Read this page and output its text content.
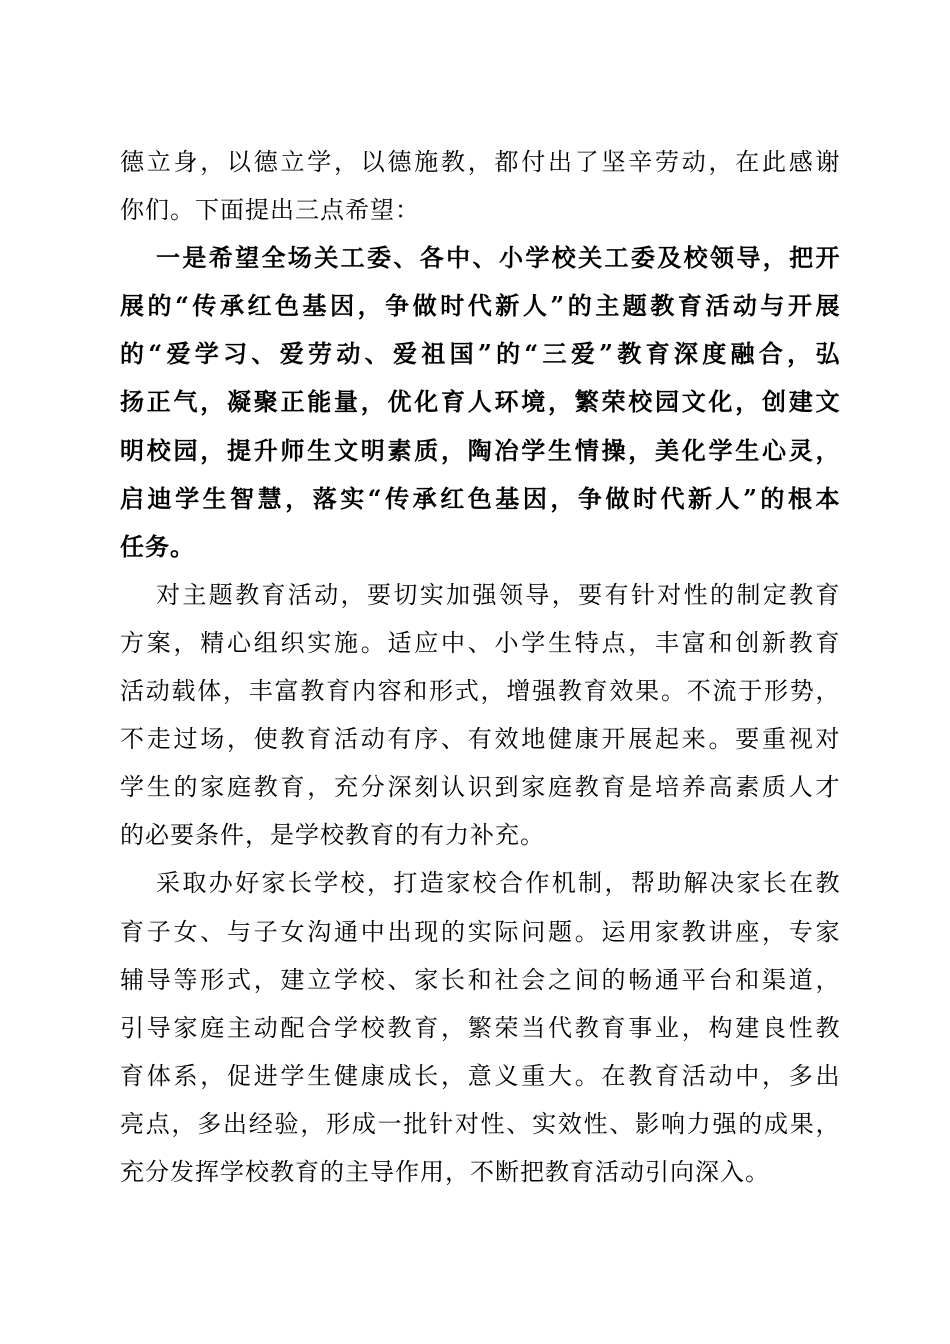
德立身，以德立学，以德施教，都付出了坚辛劳动，在此感谢
你们。下面提出三点希望：
一是希望全场关工委、各中、小学校关工委及校领导，把开
展的“传承红色基因，争做时代新人”的主题教育活动与开展
的“爱学习、爱劳动、爱祖国”的“三爱”教育深度融合，弘
扬正气，凝聚正能量，优化育人环境，繁荣校园文化，创建文
明校园，提升师生文明素质，陶冶学生情操，美化学生心灵，
启迪学生智慧，落实“传承红色基因，争做时代新人”的根本
任务。
对主题教育活动，要切实加强领导，要有针对性的制定教育
方案，精心组织实施。适应中、小学生特点，丰富和创新教育
活动载体，丰富教育内容和形式，增强教育效果。不流于形势，
不走过场，使教育活动有序、有效地健康开展起来。要重视对
学生的家庭教育，充分深刻认识到家庭教育是培养高素质人才
的必要条件，是学校教育的有力补充。
采取办好家长学校，打造家校合作机制，帮助解决家长在教
育子女、与子女沟通中出现的实际问题。运用家教讲座，专家
辅导等形式，建立学校、家长和社会之间的畅通平台和渠道，
引导家庭主动配合学校教育，繁荣当代教育事业，构建良性教
育体系，促进学生健康成长，意义重大。在教育活动中，多出
亮点，多出经验，形成一批针对性、实效性、影响力强的成果，
充分发挥学校教育的主导作用，不断把教育活动引向深入。
